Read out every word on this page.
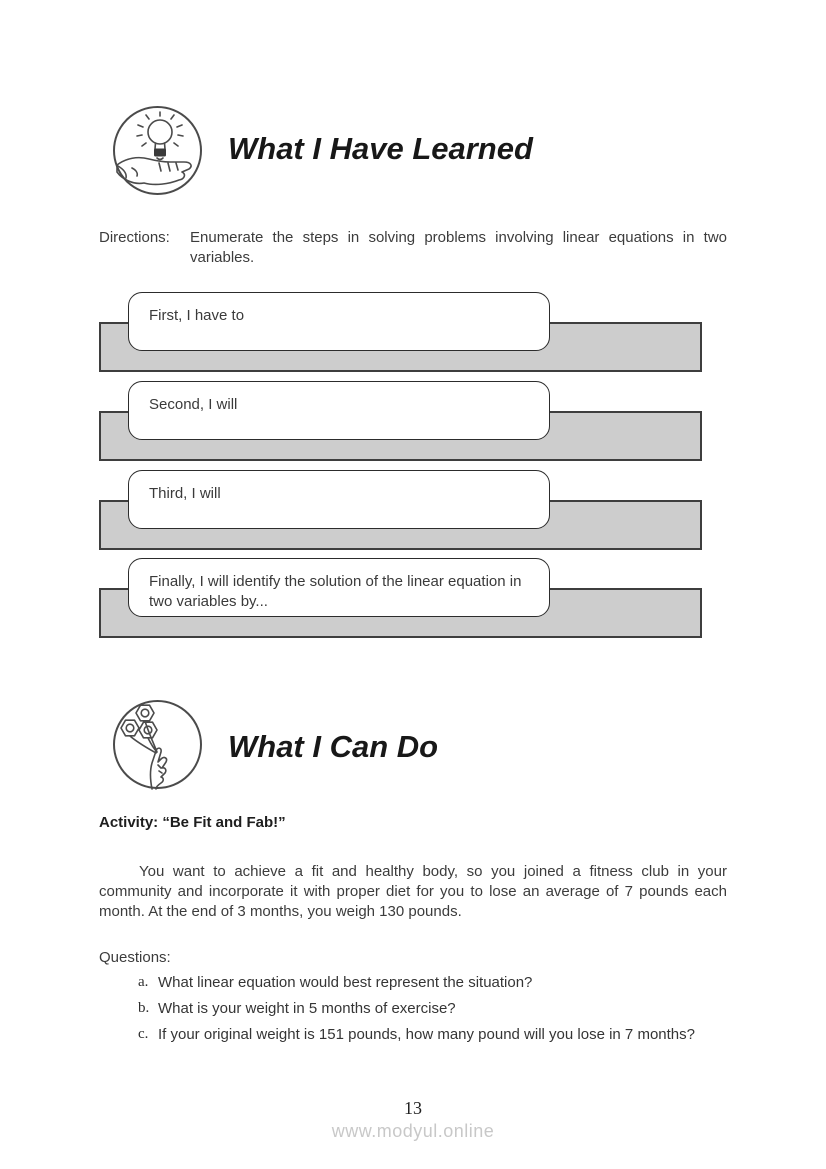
What I Have Learned
Directions:	Enumerate the steps in solving problems involving linear equations in two variables.
First, I have to
Second, I will
Third, I will
Finally, I will identify the solution of the linear equation in two variables by...
What I Can Do
Activity: “Be Fit and Fab!”
You want to achieve a fit and healthy body, so you joined a fitness club in your community and incorporate it with proper diet for you to lose an average of 7 pounds each month. At the end of 3 months, you weigh 130 pounds.
Questions:
a. What linear equation would best represent the situation?
b. What is your weight in 5 months of exercise?
c. If your original weight is 151 pounds, how many pound will you lose in 7 months?
13
www.modyul.online
